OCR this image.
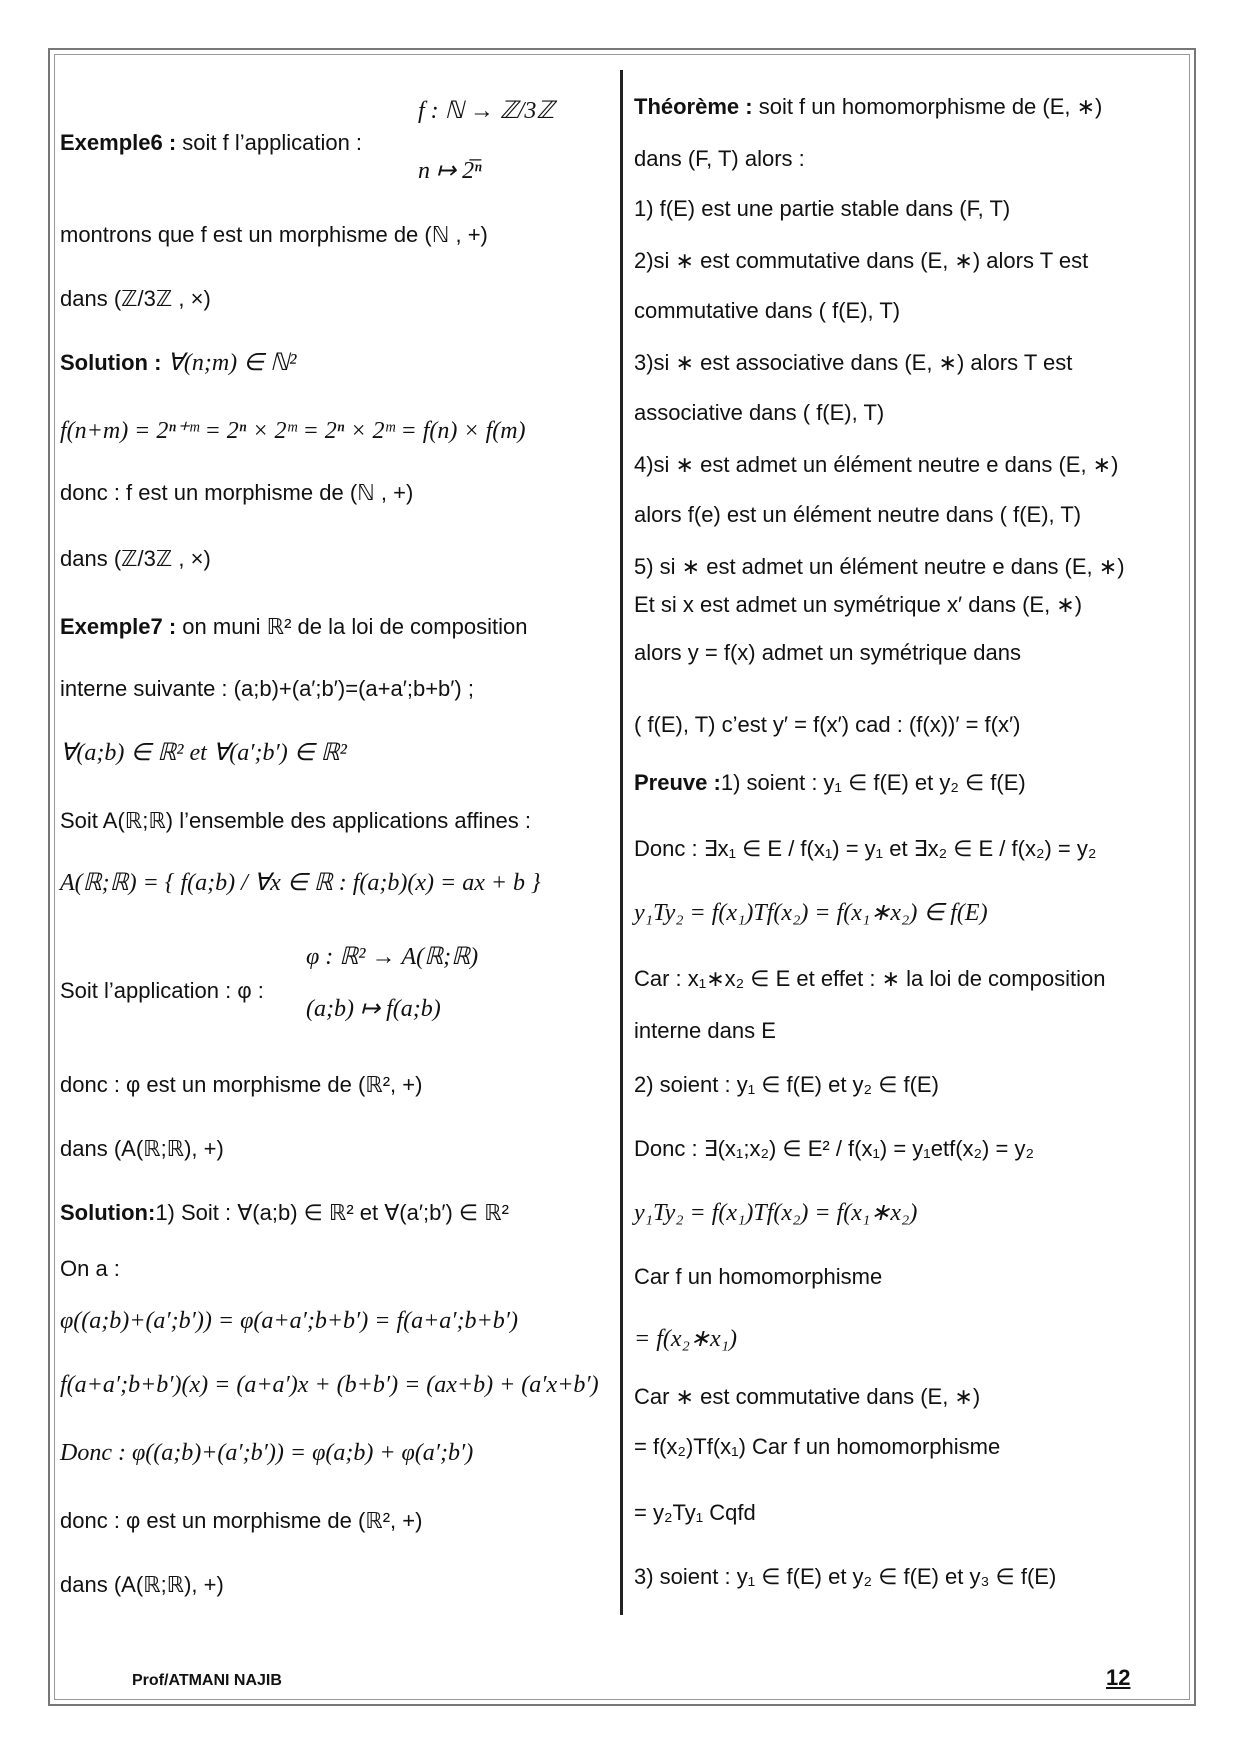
Exemple6 : soit f l’application :
f : ℕ → ℤ/3ℤ
n ↦ 2̅ⁿ
montrons que f est un morphisme de (ℕ , +)
dans (ℤ/3ℤ , ×)
Solution : ∀(n;m) ∈ ℕ²
f(n+m) = 2ⁿ⁺ᵐ = 2ⁿ × 2ᵐ = 2ⁿ × 2ᵐ = f(n) × f(m)
donc : f est un morphisme de (ℕ , +)
dans (ℤ/3ℤ , ×)
Exemple7 : on muni ℝ² de la loi de composition
interne suivante : (a;b)+(a′;b′)=(a+a′;b+b′) ;
∀(a;b) ∈ ℝ² et ∀(a′;b′) ∈ ℝ²
Soit A(ℝ;ℝ) l’ensemble des applications affines :
A(ℝ;ℝ) = { f(a;b) / ∀x ∈ ℝ : f(a;b)(x) = ax + b }
Soit l’application : φ :
φ : ℝ² → A(ℝ;ℝ)
(a;b) ↦ f(a;b)
donc : φ est un morphisme de (ℝ², +)
dans (A(ℝ;ℝ), +)
Solution:1) Soit : ∀(a;b) ∈ ℝ² et ∀(a′;b′) ∈ ℝ²
On a :
φ((a;b)+(a′;b′)) = φ(a+a′;b+b′) = f(a+a′;b+b′)
f(a+a′;b+b′)(x) = (a+a′)x + (b+b′) = (ax+b) + (a′x+b′)
Donc : φ((a;b)+(a′;b′)) = φ(a;b) + φ(a′;b′)
donc : φ est un morphisme de (ℝ², +)
dans (A(ℝ;ℝ), +)
Théorème : soit f un homomorphisme de (E, ∗)
dans (F, T) alors :
1) f(E) est une partie stable dans (F, T)
2)si ∗ est commutative dans (E, ∗) alors T est
commutative dans ( f(E), T)
3)si ∗ est associative dans (E, ∗) alors T est
associative dans ( f(E), T)
4)si ∗ est admet un élément neutre e dans (E, ∗)
alors f(e) est un élément neutre dans ( f(E), T)
5) si ∗ est admet un élément neutre e dans (E, ∗)
Et si x est admet un symétrique x′ dans (E, ∗)
alors y = f(x) admet un symétrique dans
( f(E), T) c’est y′ = f(x′) cad : (f(x))′ = f(x′)
Preuve :1) soient : y₁ ∈ f(E) et y₂ ∈ f(E)
Donc : ∃x₁ ∈ E / f(x₁) = y₁ et ∃x₂ ∈ E / f(x₂) = y₂
y₁Ty₂ = f(x₁)Tf(x₂) = f(x₁∗x₂) ∈ f(E)
Car : x₁∗x₂ ∈ E et effet : ∗ la loi de composition
interne dans E
2) soient : y₁ ∈ f(E) et y₂ ∈ f(E)
Donc : ∃(x₁;x₂) ∈ E² / f(x₁) = y₁etf(x₂) = y₂
y₁Ty₂ = f(x₁)Tf(x₂) = f(x₁∗x₂)
Car f un homomorphisme
= f(x₂∗x₁)
Car ∗ est commutative dans (E, ∗)
= f(x₂)Tf(x₁) Car f un homomorphisme
= y₂Ty₁ Cqfd
3) soient : y₁ ∈ f(E) et y₂ ∈ f(E) et y₃ ∈ f(E)
Prof/ATMANI NAJIB	12
